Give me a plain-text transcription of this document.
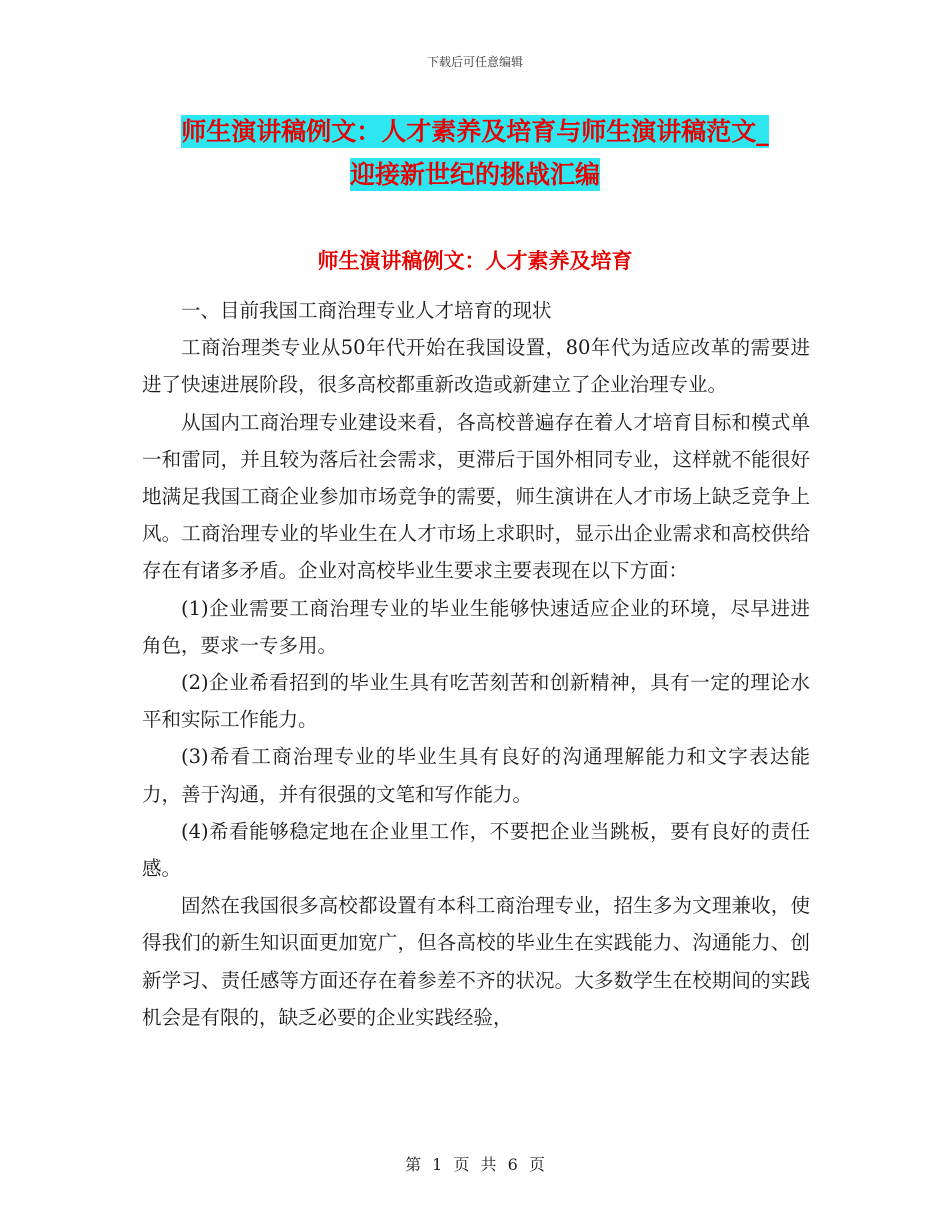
下载后可任意编辑
师生演讲稿例文：人才素养及培育与师生演讲稿范文_
迎接新世纪的挑战汇编
师生演讲稿例文：人才素养及培育

一、目前我国工商治理专业人才培育的现状

工商治理类专业从50年代开始在我国设置，80年代为适应改革的需要进进了快速进展阶段，很多高校都重新改造或新建立了企业治理专业。

从国内工商治理专业建设来看，各高校普遍存在着人才培育目标和模式单一和雷同，并且较为落后社会需求，更滞后于国外相同专业，这样就不能很好地满足我国工商企业参加市场竞争的需要，师生演讲在人才市场上缺乏竞争上风。工商治理专业的毕业生在人才市场上求职时，显示出企业需求和高校供给存在有诸多矛盾。企业对高校毕业生要求主要表现在以下方面：

(1)企业需要工商治理专业的毕业生能够快速适应企业的环境，尽早进进角色，要求一专多用。

(2)企业希看招到的毕业生具有吃苦刻苦和创新精神，具有一定的理论水平和实际工作能力。

(3)希看工商治理专业的毕业生具有良好的沟通理解能力和文字表达能力，善于沟通，并有很强的文笔和写作能力。

(4)希看能够稳定地在企业里工作，不要把企业当跳板，要有良好的责任感。

固然在我国很多高校都设置有本科工商治理专业，招生多为文理兼收，使得我们的新生知识面更加宽广，但各高校的毕业生在实践能力、沟通能力、创新学习、责任感等方面还存在着参差不齐的状况。大多数学生在校期间的实践机会是有限的，缺乏必要的企业实践经验，

第 1 页 共 6 页
